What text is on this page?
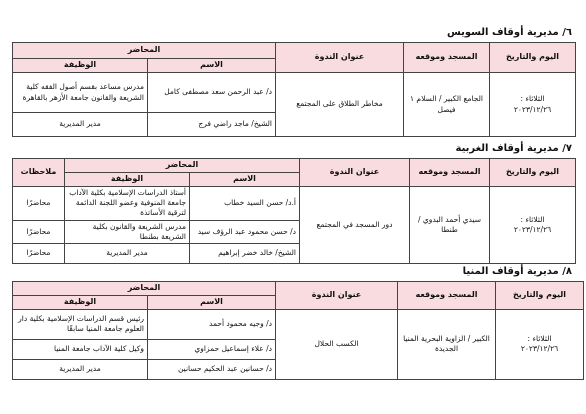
٦/ مديرية أوقاف السويس
اليوم والتاريخ	المسجد وموقعه	عنوان الندوة	المحاضر	
			الاسم	الوظيفة	

الثلاثاء :
٢٠٢٣/١٢/٢٦	الجامع الكبير / السلام ١ فيصل	مخاطر الطلاق على المجتمع	د/ عبد الرحمن سعد مصطفى كامل	مدرس مساعد بقسم أصول الفقه كلية الشريعة والقانون جامعة الأزهر بالقاهرة	
			الشيخ/ ماجد راضي فرج	مدير المديرية	
٧/ مديرية أوقاف الغربية
اليوم والتاريخ	المسجد وموقعه	عنوان الندوة	المحاضر		ملاحظات
			الاسم	الوظيفة	

الثلاثاء :
٢٠٢٣/١٢/٢٦	سيدي أحمد البدوي / طنطا	دور المسجد في المجتمع	أ.د/ حسن السيد خطاب	أستاذ الدراسات الإسلامية بكلية الآداب جامعة المنوفية وعضو اللجنة الدائمة لترقية الأساتذة	محاضرًا
			د/ حسن محمود عبد الرؤف سيد	مدرس الشريعة والقانون بكلية الشريعة بطنطا	محاضرًا
			الشيخ/ خالد خضر إبراهيم	مدير المديرية	محاضرًا
٨/ مديرية أوقاف المنيا
اليوم والتاريخ	المسجد وموقعه	عنوان الندوة	المحاضر	
			الاسم	الوظيفة	

الثلاثاء :
٢٠٢٣/١٢/٢٦	الكبير / الزاوية البحرية المنيا الجديدة	الكسب الحلال	د/ وجيه محمود أحمد	رئيس قسم الدراسات الإسلامية بكلية دار العلوم جامعة المنيا سابقًا	
			د/ علاء إسماعيل حمزاوي	وكيل كلية الآداب جامعة المنيا	
			د/ حسانين عبد الحكيم حسانين	مدير المديرية	
